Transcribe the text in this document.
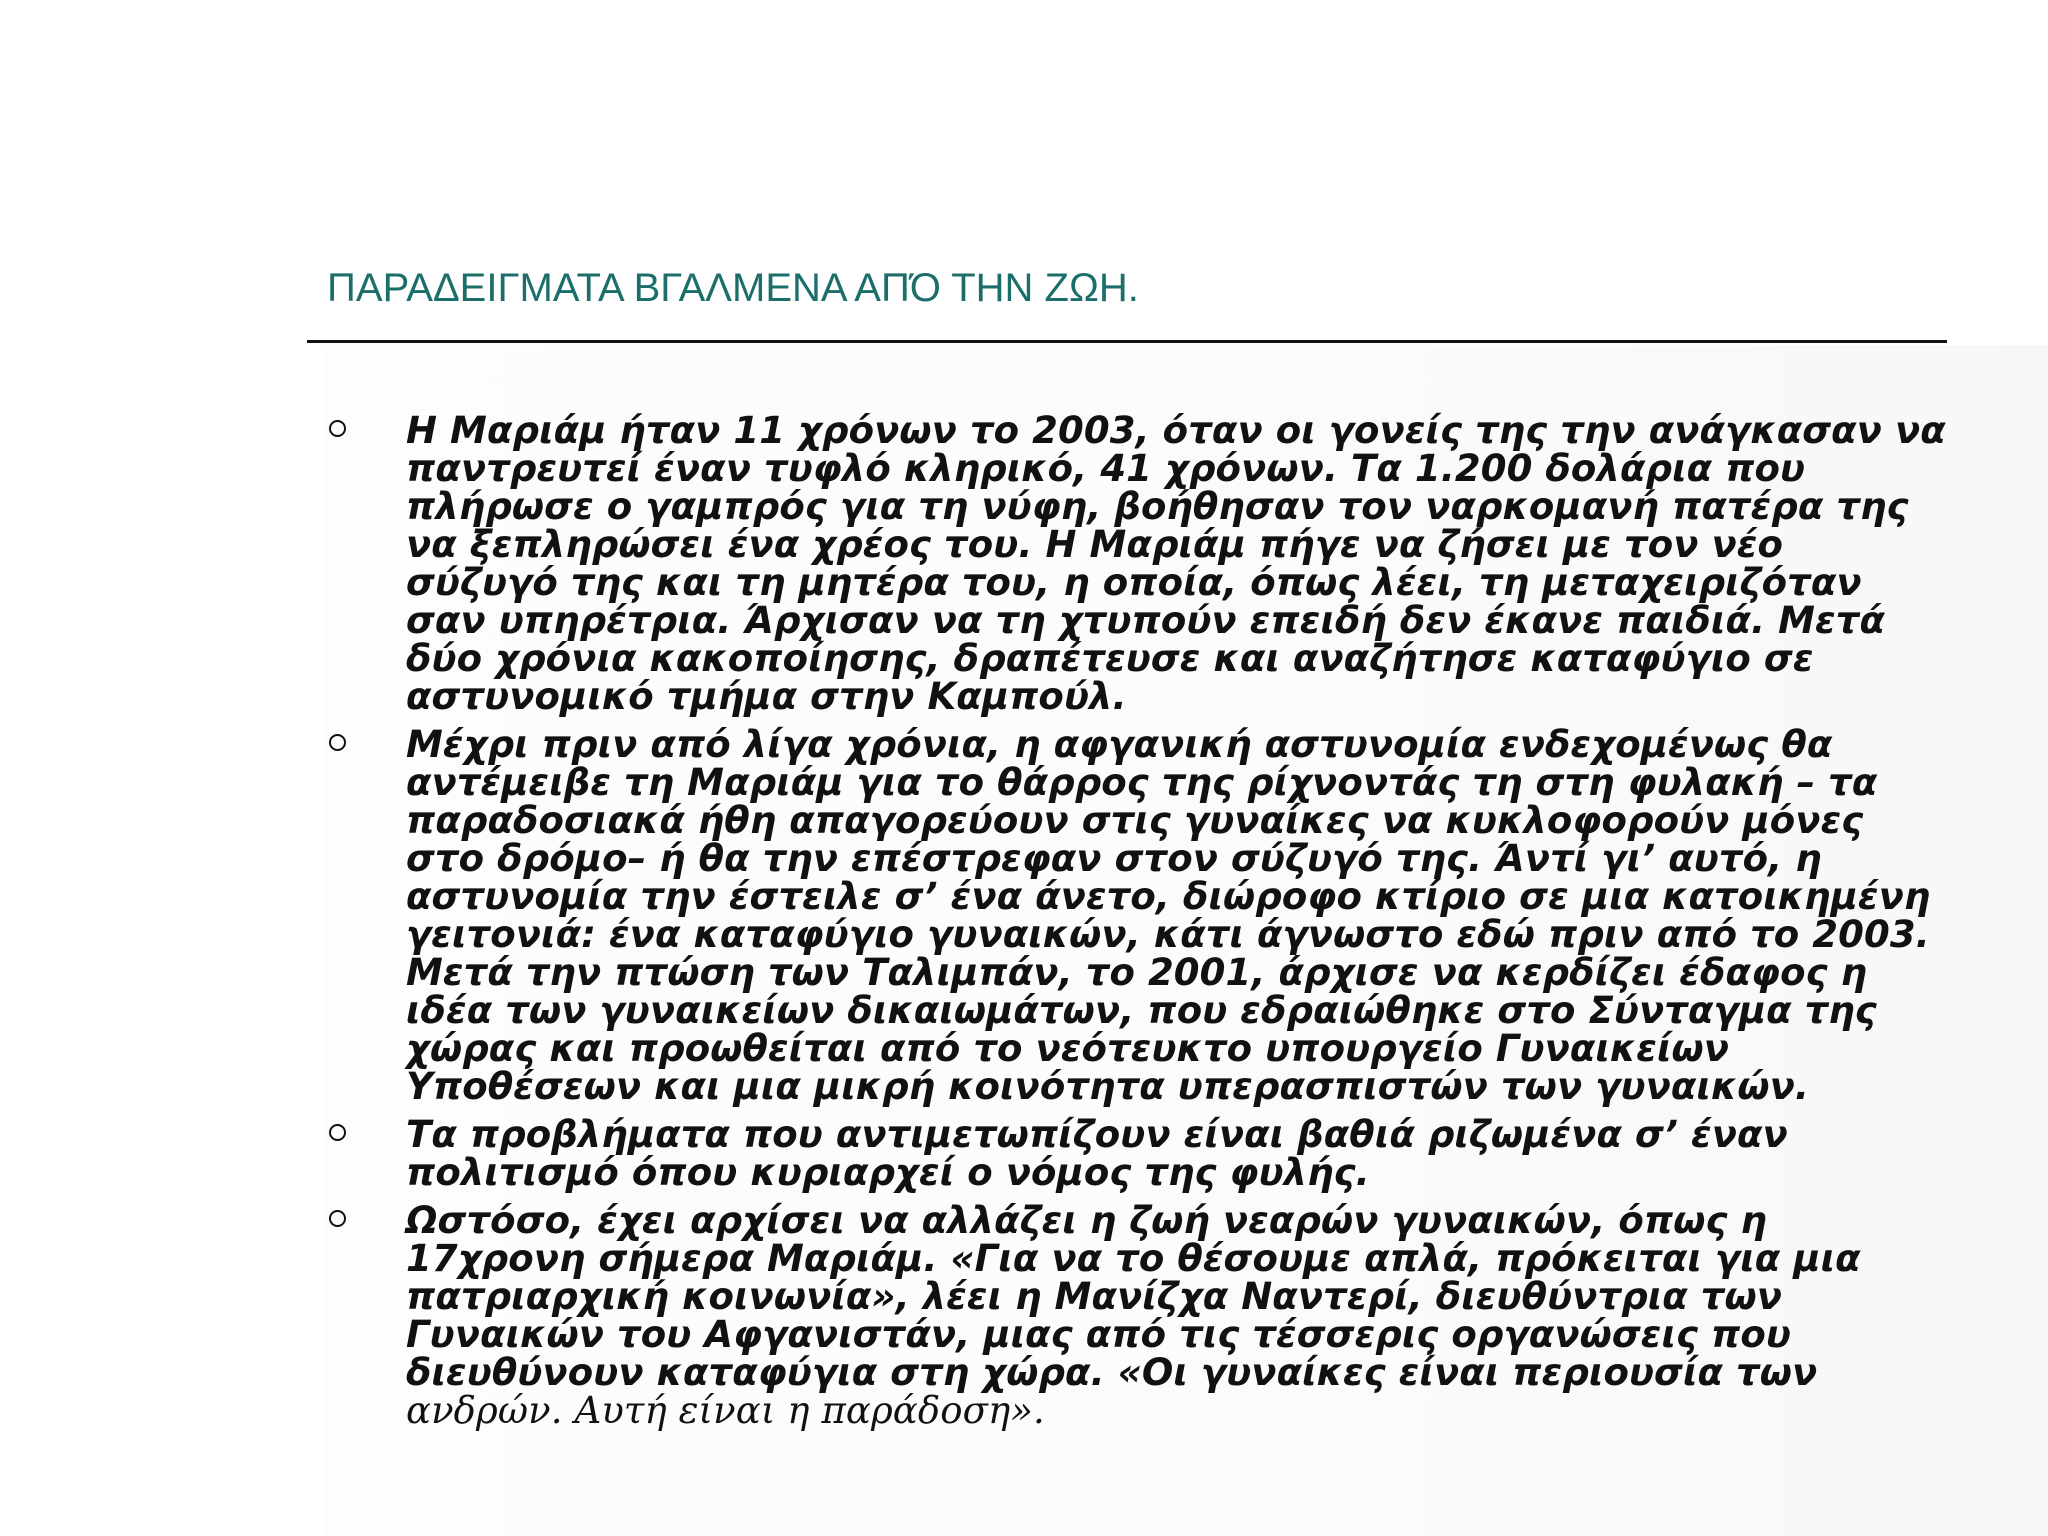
ΠΑΡΑΔΕΙΓΜΑΤΑ ΒΓΑΛΜΕΝΑ ΑΠΌ ΤΗΝ ΖΩΗ.

Η Μαριάμ ήταν 11 χρόνων το 2003, όταν οι γονείς της την ανάγκασαν να παντρευτεί έναν τυφλό κληρικό, 41 χρόνων. Τα 1.200 δολάρια που πλήρωσε ο γαμπρός για τη νύφη, βοήθησαν τον ναρκομανή πατέρα της να ξεπληρώσει ένα χρέος του. Η Μαριάμ πήγε να ζήσει με τον νέο σύζυγό της και τη μητέρα του, η οποία, όπως λέει, τη μεταχειριζόταν σαν υπηρέτρια. Άρχισαν να τη χτυπούν επειδή δεν έκανε παιδιά. Μετά δύο χρόνια κακοποίησης, δραπέτευσε και αναζήτησε καταφύγιο σε αστυνομικό τμήμα στην Καμπούλ.

Μέχρι πριν από λίγα χρόνια, η αφγανική αστυνομία ενδεχομένως θα αντέμειβε τη Μαριάμ για το θάρρος της ρίχνοντάς τη στη φυλακή – τα παραδοσιακά ήθη απαγορεύουν στις γυναίκες να κυκλοφορούν μόνες στο δρόμο– ή θα την επέστρεφαν στον σύζυγό της. Άντί γι’ αυτό, η αστυνομία την έστειλε σ’ ένα άνετο, διώροφο κτίριο σε μια κατοικημένη γειτονιά: ένα καταφύγιο γυναικών, κάτι άγνωστο εδώ πριν από το 2003. Μετά την πτώση των Ταλιμπάν, το 2001, άρχισε να κερδίζει έδαφος η ιδέα των γυναικείων δικαιωμάτων, που εδραιώθηκε στο Σύνταγμα της χώρας και προωθείται από το νεότευκτο υπουργείο Γυναικείων Υποθέσεων και μια μικρή κοινότητα υπερασπιστών των γυναικών.

Τα προβλήματα που αντιμετωπίζουν είναι βαθιά ριζωμένα σ’ έναν πολιτισμό όπου κυριαρχεί ο νόμος της φυλής.

Ωστόσο, έχει αρχίσει να αλλάζει η ζωή νεαρών γυναικών, όπως η 17χρονη σήμερα Μαριάμ. «Για να το θέσουμε απλά, πρόκειται για μια πατριαρχική κοινωνία», λέει η Μανίζχα Ναντερί, διευθύντρια των Γυναικών του Αφγανιστάν, μιας από τις τέσσερις οργανώσεις που διευθύνουν καταφύγια στη χώρα. «Οι γυναίκες είναι περιουσία των ανδρών. Αυτή είναι η παράδοση».
